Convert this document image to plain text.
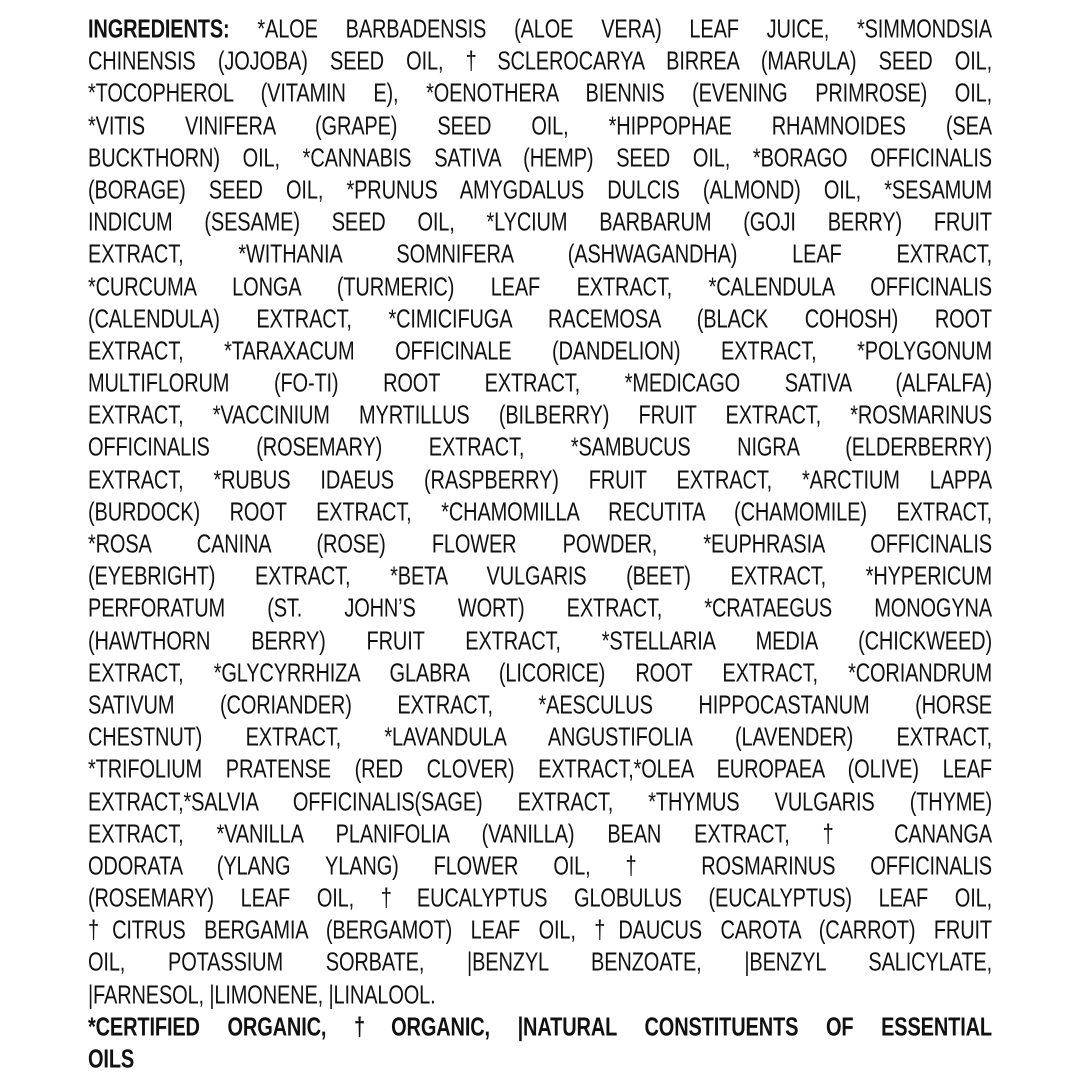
INGREDIENTS: *ALOE BARBADENSIS (ALOE VERA) LEAF JUICE, *SIMMONDSIA
CHINENSIS (JOJOBA) SEED OIL, † SCLEROCARYA BIRREA (MARULA) SEED OIL,
*TOCOPHEROL (VITAMIN E), *OENOTHERA BIENNIS (EVENING PRIMROSE) OIL,
*VITIS VINIFERA (GRAPE) SEED OIL, *HIPPOPHAE RHAMNOIDES (SEA
BUCKTHORN) OIL, *CANNABIS SATIVA (HEMP) SEED OIL, *BORAGO OFFICINALIS
(BORAGE) SEED OIL, *PRUNUS AMYGDALUS DULCIS (ALMOND) OIL, *SESAMUM
INDICUM (SESAME) SEED OIL, *LYCIUM BARBARUM (GOJI BERRY) FRUIT
EXTRACT, *WITHANIA SOMNIFERA (ASHWAGANDHA) LEAF EXTRACT,
*CURCUMA LONGA (TURMERIC) LEAF EXTRACT, *CALENDULA OFFICINALIS
(CALENDULA) EXTRACT, *CIMICIFUGA RACEMOSA (BLACK COHOSH) ROOT
EXTRACT, *TARAXACUM OFFICINALE (DANDELION) EXTRACT, *POLYGONUM
MULTIFLORUM (FO-TI) ROOT EXTRACT, *MEDICAGO SATIVA (ALFALFA)
EXTRACT, *VACCINIUM MYRTILLUS (BILBERRY) FRUIT EXTRACT, *ROSMARINUS
OFFICINALIS (ROSEMARY) EXTRACT, *SAMBUCUS NIGRA (ELDERBERRY)
EXTRACT, *RUBUS IDAEUS (RASPBERRY) FRUIT EXTRACT, *ARCTIUM LAPPA
(BURDOCK) ROOT EXTRACT, *CHAMOMILLA RECUTITA (CHAMOMILE) EXTRACT,
*ROSA CANINA (ROSE) FLOWER POWDER, *EUPHRASIA OFFICINALIS
(EYEBRIGHT) EXTRACT, *BETA VULGARIS (BEET) EXTRACT, *HYPERICUM
PERFORATUM (ST. JOHN’S WORT) EXTRACT, *CRATAEGUS MONOGYNA
(HAWTHORN BERRY) FRUIT EXTRACT, *STELLARIA MEDIA (CHICKWEED)
EXTRACT, *GLYCYRRHIZA GLABRA (LICORICE) ROOT EXTRACT, *CORIANDRUM
SATIVUM (CORIANDER) EXTRACT, *AESCULUS HIPPOCASTANUM (HORSE
CHESTNUT) EXTRACT, *LAVANDULA ANGUSTIFOLIA (LAVENDER) EXTRACT,
*TRIFOLIUM PRATENSE (RED CLOVER) EXTRACT,*OLEA EUROPAEA (OLIVE) LEAF
EXTRACT,*SALVIA OFFICINALIS(SAGE) EXTRACT, *THYMUS VULGARIS (THYME)
EXTRACT, *VANILLA PLANIFOLIA (VANILLA) BEAN EXTRACT, † CANANGA
ODORATA (YLANG YLANG) FLOWER OIL, † ROSMARINUS OFFICINALIS
(ROSEMARY) LEAF OIL, † EUCALYPTUS GLOBULUS (EUCALYPTUS) LEAF OIL,
†CITRUS BERGAMIA (BERGAMOT) LEAF OIL, †DAUCUS CAROTA (CARROT) FRUIT
OIL, POTASSIUM SORBATE, |BENZYL BENZOATE, |BENZYL SALICYLATE,
|FARNESOL, |LIMONENE, |LINALOOL.
*CERTIFIED ORGANIC, † ORGANIC, |NATURAL CONSTITUENTS OF ESSENTIAL
OILS
